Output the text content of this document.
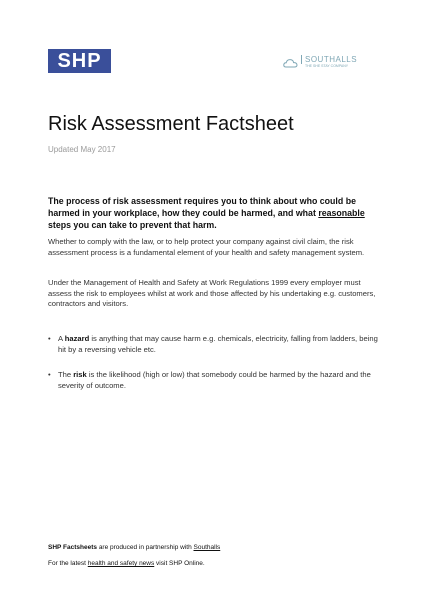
SHP	SOUTHALLS
THE SHE STAY COMPANY
Risk Assessment Factsheet
Updated May 2017

The process of risk assessment requires you to think about who could be harmed in your workplace, how they could be harmed, and what reasonable steps you can take to prevent that harm.

Whether to comply with the law, or to help protect your company against civil claim, the risk assessment process is a fundamental element of your health and safety management system.

Under the Management of Health and Safety at Work Regulations 1999 every employer must assess the risk to employees whilst at work and those affected by his undertaking e.g. customers, contractors and visitors.

• A hazard is anything that may cause harm e.g. chemicals, electricity, falling from ladders, being hit by a reversing vehicle etc.
• The risk is the likelihood (high or low) that somebody could be harmed by the hazard and the severity of outcome.
SHP Factsheets are produced in partnership with Southalls
For the latest health and safety news visit SHP Online.
